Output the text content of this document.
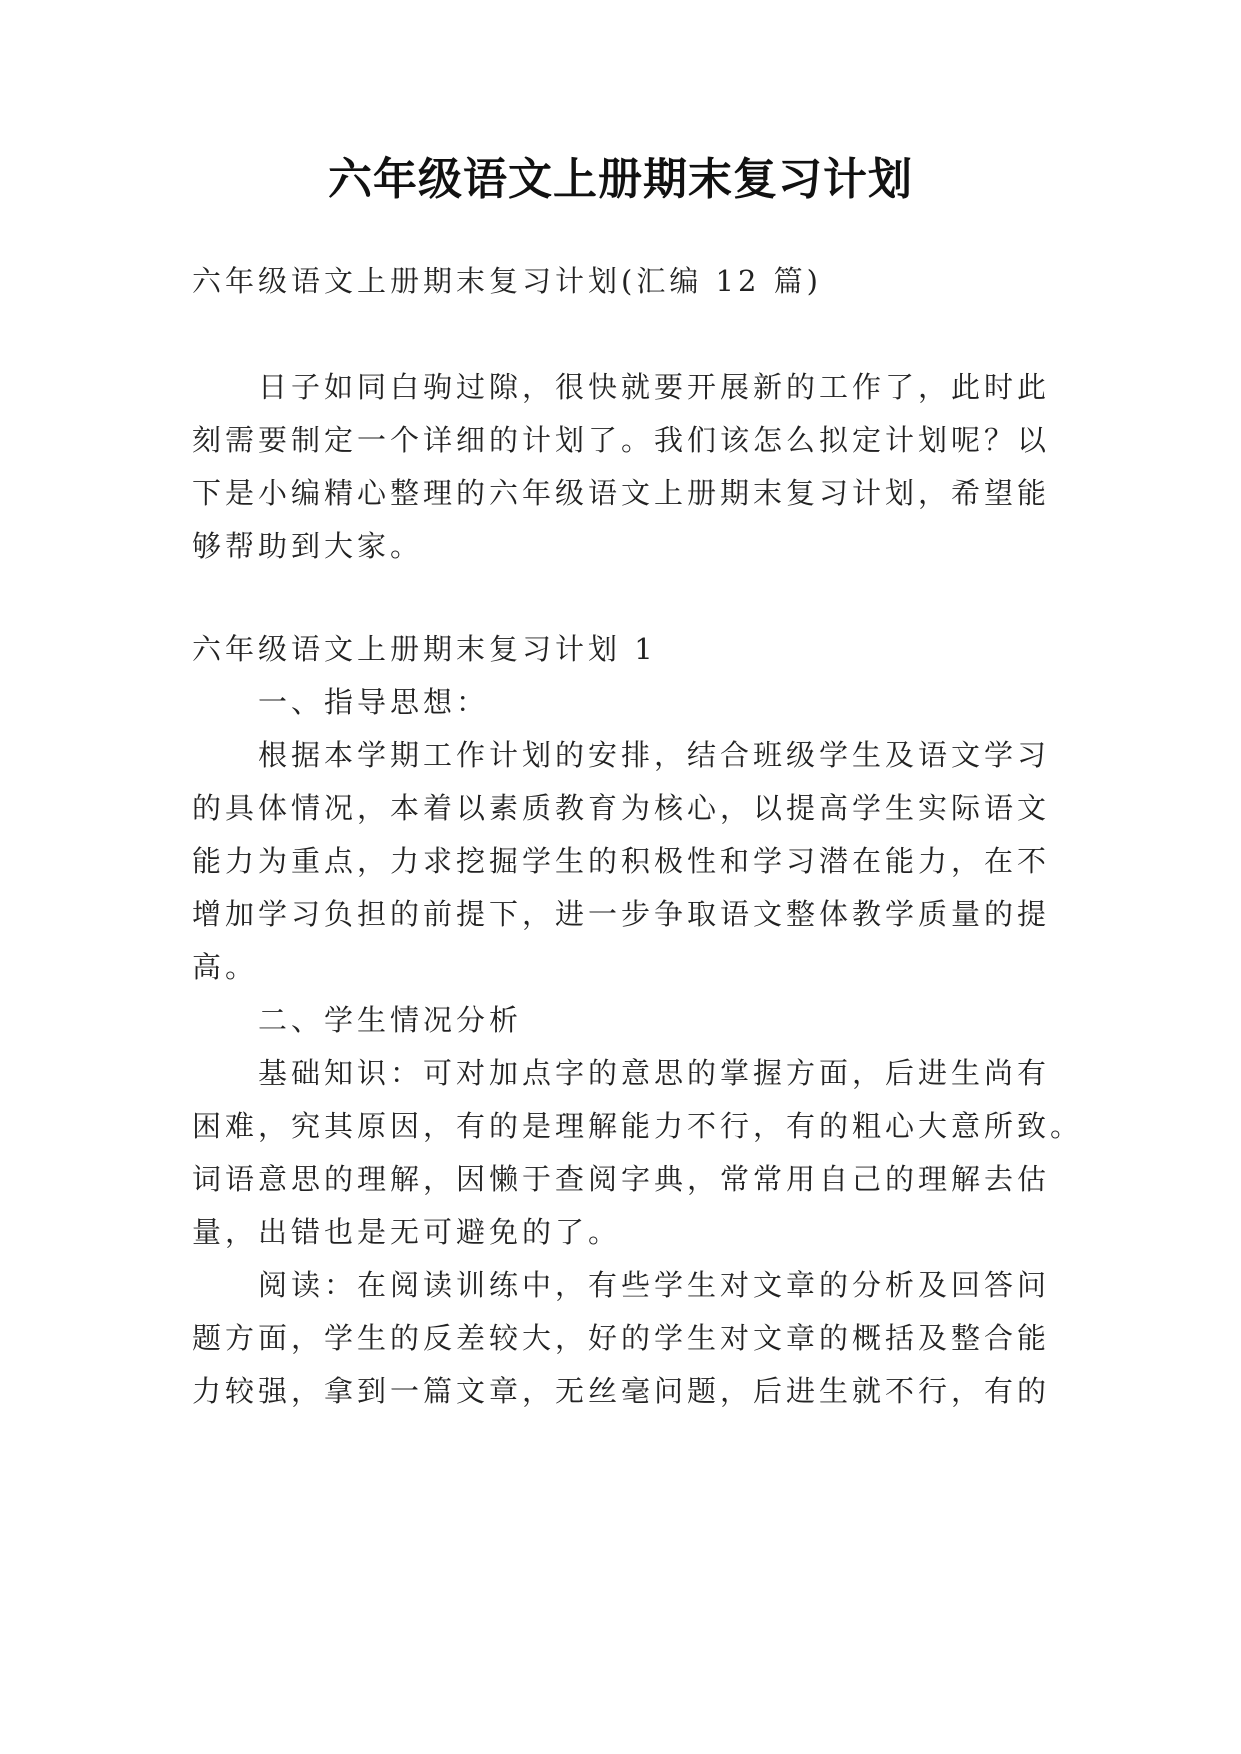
六年级语文上册期末复习计划
六年级语文上册期末复习计划(汇编 12 篇)
日子如同白驹过隙，很快就要开展新的工作了，此时此
刻需要制定一个详细的计划了。我们该怎么拟定计划呢？以
下是小编精心整理的六年级语文上册期末复习计划，希望能
够帮助到大家。
六年级语文上册期末复习计划 1
一、指导思想：
根据本学期工作计划的安排，结合班级学生及语文学习
的具体情况，本着以素质教育为核心，以提高学生实际语文
能力为重点，力求挖掘学生的积极性和学习潜在能力，在不
增加学习负担的前提下，进一步争取语文整体教学质量的提
高。
二、学生情况分析
基础知识：可对加点字的意思的掌握方面，后进生尚有
困难，究其原因，有的是理解能力不行，有的粗心大意所致。
词语意思的理解，因懒于查阅字典，常常用自己的理解去估
量，出错也是无可避免的了。
阅读：在阅读训练中，有些学生对文章的分析及回答问
题方面，学生的反差较大，好的学生对文章的概括及整合能
力较强，拿到一篇文章，无丝毫问题，后进生就不行，有的
